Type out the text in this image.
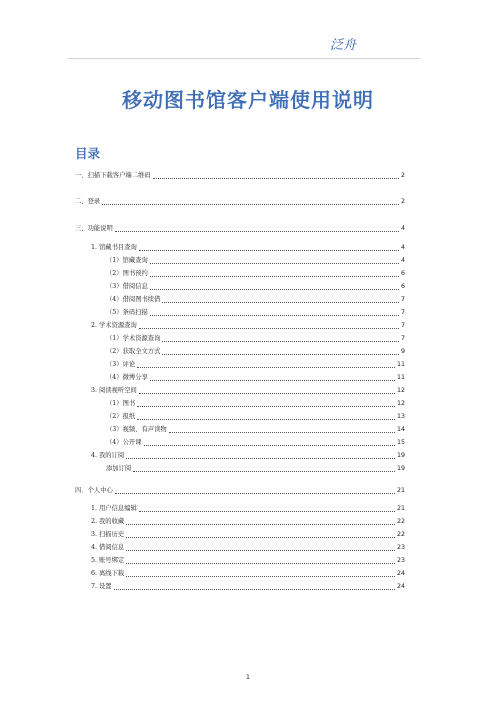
泛舟
移动图书馆客户端使用说明
目录
一、扫描下载客户端二维码	2
二、登录	2
三、功能说明	4
1. 馆藏书目查询	4
（1）馆藏查询	4
（2）图书预约	6
（3）借阅信息	6
（4）借阅图书续借	7
（5）条码扫描	7
2. 学术资源查询	7
（1）学术资源查询	7
（2）获取全文方式	9
（3）评论	11
（4）微博分享	11
3. 阅读视听空间	12
（1）图书	12
（2）报纸	13
（3）视频、有声读物	14
（4）公开课	15
4. 我的订阅	19
添加订阅	19
四．个人中心	21
1. 用户信息编辑	21
2. 我的收藏	22
3. 扫描历史	22
4. 借阅信息	23
5. 账号绑定	23
6. 离线下载	24
7. 设置	24
1
